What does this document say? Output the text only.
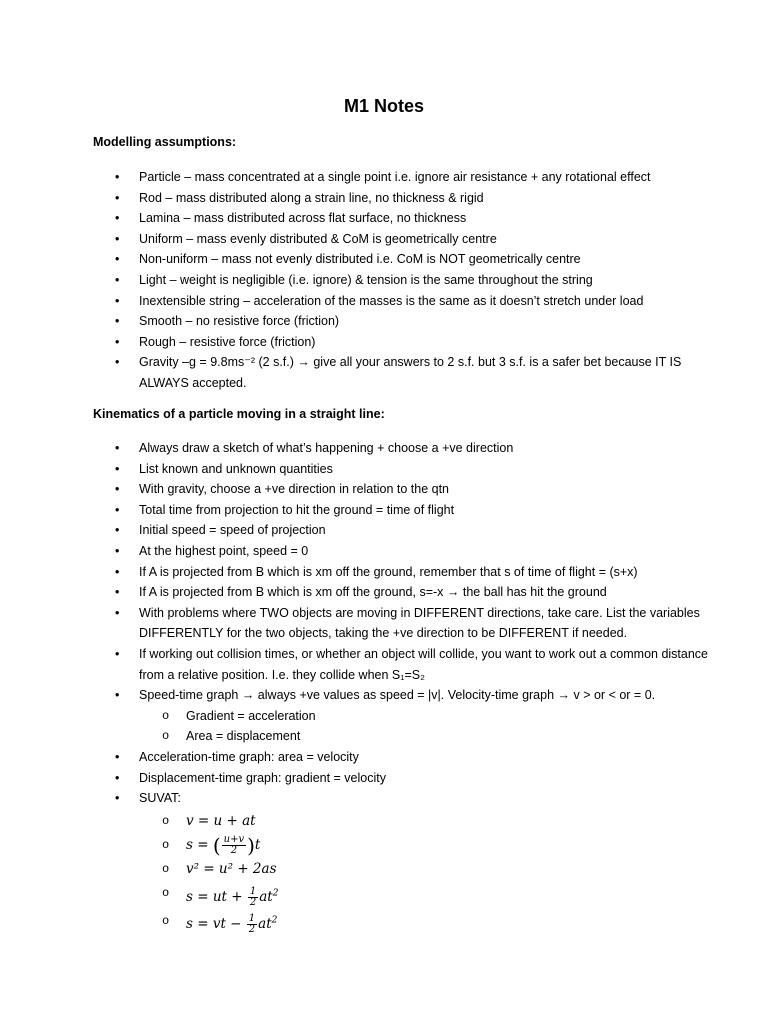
M1 Notes

Modelling assumptions:

• Particle – mass concentrated at a single point i.e. ignore air resistance + any rotational effect
• Rod – mass distributed along a strain line, no thickness & rigid
• Lamina – mass distributed across flat surface, no thickness
• Uniform – mass evenly distributed & CoM is geometrically centre
• Non-uniform – mass not evenly distributed i.e. CoM is NOT geometrically centre
• Light – weight is negligible (i.e. ignore) & tension is the same throughout the string
• Inextensible string – acceleration of the masses is the same as it doesn’t stretch under load
• Smooth – no resistive force (friction)
• Rough – resistive force (friction)
• Gravity –g = 9.8ms⁻² (2 s.f.) → give all your answers to 2 s.f. but 3 s.f. is a safer bet because IT IS ALWAYS accepted.

Kinematics of a particle moving in a straight line:

• Always draw a sketch of what’s happening + choose a +ve direction
• List known and unknown quantities
• With gravity, choose a +ve direction in relation to the qtn
• Total time from projection to hit the ground = time of flight
• Initial speed = speed of projection
• At the highest point, speed = 0
• If A is projected from B which is xm off the ground, remember that s of time of flight = (s+x)
• If A is projected from B which is xm off the ground, s=-x → the ball has hit the ground
• With problems where TWO objects are moving in DIFFERENT directions, take care. List the variables DIFFERENTLY for the two objects, taking the +ve direction to be DIFFERENT if needed.
• If working out collision times, or whether an object will collide, you want to work out a common distance from a relative position. I.e. they collide when S₁=S₂
• Speed-time graph → always +ve values as speed = |v|. Velocity-time graph → v > or < or = 0.
o Gradient = acceleration
o Area = displacement
• Acceleration-time graph: area = velocity
• Displacement-time graph: gradient = velocity
• SUVAT:
o v = u + at
o s = ( $\frac{u+v}{2} )t$
o v² = u² + 2as
o s = ut + $\frac{1}{2} at^2$
o s = vt − $\frac{1}{2} at^2$
